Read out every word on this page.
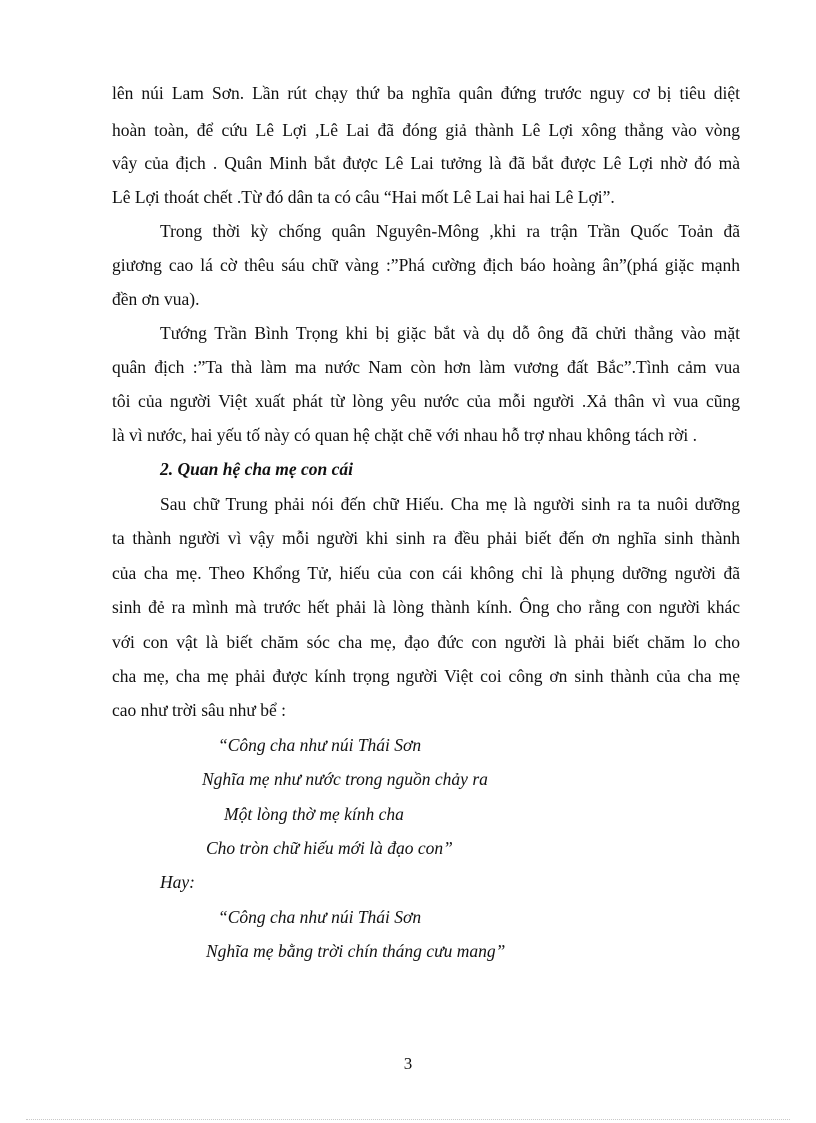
lên núi Lam Sơn. Lần rút chạy thứ ba nghĩa quân đứng trước nguy cơ bị tiêu diệt
hoàn toàn, để cứu Lê Lợi ,Lê Lai đã đóng giả thành Lê Lợi xông thẳng vào vòng
vây của địch . Quân Minh bắt được Lê Lai tưởng là đã bắt được Lê Lợi nhờ đó mà
Lê Lợi thoát chết .Từ đó dân ta có câu “Hai mốt Lê Lai hai hai Lê Lợi”.
Trong thời kỳ chống quân Nguyên-Mông ,khi ra trận Trần Quốc Toản đã
giương cao lá cờ thêu sáu chữ vàng :”Phá cường địch báo hoàng ân”(phá giặc mạnh
đền ơn vua).
Tướng Trần Bình Trọng khi bị giặc bắt và dụ dỗ ông đã chửi thẳng vào mặt
quân địch :”Ta thà làm ma nước Nam còn hơn làm vương đất Bắc”.Tình cảm vua
tôi của người Việt xuất phát từ lòng yêu nước của mỗi người .Xả thân vì vua cũng
là vì nước, hai yếu tố này có quan hệ chặt chẽ với nhau hỗ trợ nhau không tách rời .
2. Quan hệ cha mẹ con cái
Sau chữ Trung phải nói đến chữ Hiếu. Cha mẹ là người sinh ra ta nuôi dưỡng
ta thành người vì vậy mỗi người khi sinh ra đều phải biết đến ơn nghĩa sinh thành
của cha mẹ. Theo Khổng Tử, hiếu của con cái không chỉ là phụng dưỡng người đã
sinh đẻ ra mình mà trước hết phải là lòng thành kính. Ông cho rằng con người khác
với con vật là biết chăm sóc cha mẹ, đạo đức con người là phải biết chăm lo cho
cha mẹ, cha mẹ phải được kính trọng người Việt coi công ơn sinh thành của cha mẹ
cao như trời sâu như bể :
“Công cha như núi Thái Sơn
Nghĩa mẹ như nước trong nguồn chảy ra
Một lòng thờ mẹ kính cha
Cho tròn chữ hiếu mới là đạo con”
Hay:
“Công cha như núi Thái Sơn
Nghĩa mẹ bằng trời chín tháng cưu mang”
3
